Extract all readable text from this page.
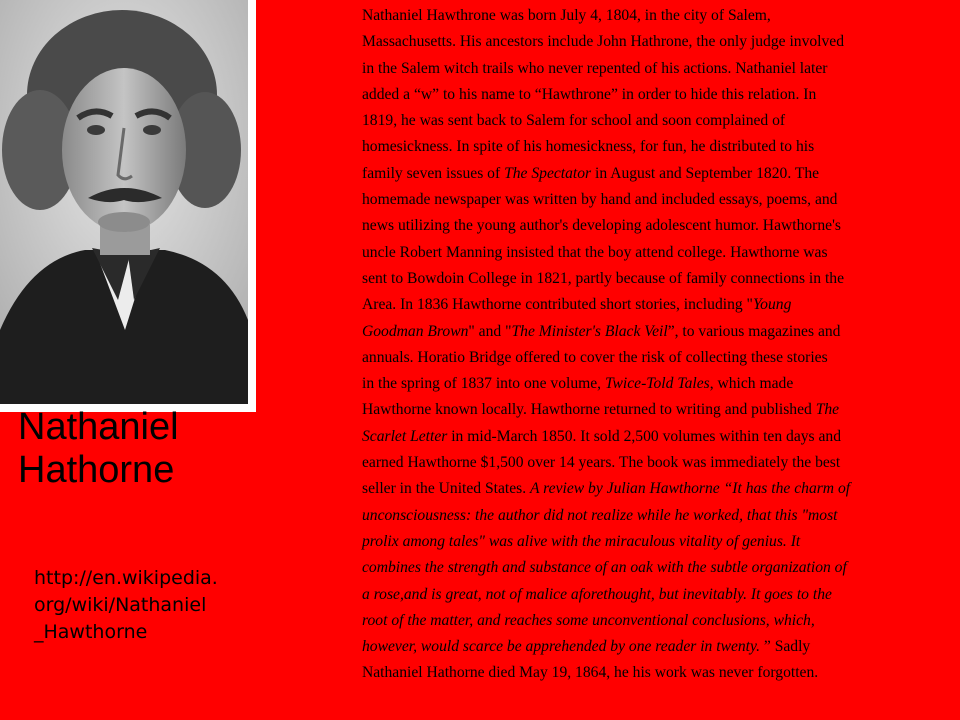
Nathaniel
Hathorne
http://en.wikipedia.
org/wiki/Nathaniel
_Hawthorne

Nathaniel Hawthrone was born July 4, 1804, in the city of Salem,
Massachusetts. His ancestors include John Hathrone, the only judge involved
in the Salem witch trails who never repented of his actions. Nathaniel later
added a “w” to his name to “Hawthrone” in order to hide this relation. In
1819, he was sent back to Salem for school and soon complained of
homesickness. In spite of his homesickness, for fun, he distributed to his
family seven issues of The Spectator in August and September 1820. The
homemade newspaper was written by hand and included essays, poems, and
news utilizing the young author's developing adolescent humor. Hawthorne's
uncle Robert Manning insisted that the boy attend college. Hawthorne was
sent to Bowdoin College in 1821, partly because of family connections in the
Area. In 1836 Hawthorne contributed short stories, including "Young
Goodman Brown" and "The Minister's Black Veil”, to various magazines and
annuals. Horatio Bridge offered to cover the risk of collecting these stories
in the spring of 1837 into one volume, Twice-Told Tales, which made
Hawthorne known locally. Hawthorne returned to writing and published The
Scarlet Letter in mid-March 1850. It sold 2,500 volumes within ten days and
earned Hawthorne $1,500 over 14 years. The book was immediately the best
seller in the United States. A review by Julian Hawthorne “It has the charm of
unconsciousness: the author did not realize while he worked, that this "most
prolix among tales" was alive with the miraculous vitality of genius. It
combines the strength and substance of an oak with the subtle organization of
a rose,and is great, not of malice aforethought, but inevitably. It goes to the
root of the matter, and reaches some unconventional conclusions, which,
however, would scarce be apprehended by one reader in twenty. ” Sadly
Nathaniel Hathorne died May 19, 1864, he his work was never forgotten.
